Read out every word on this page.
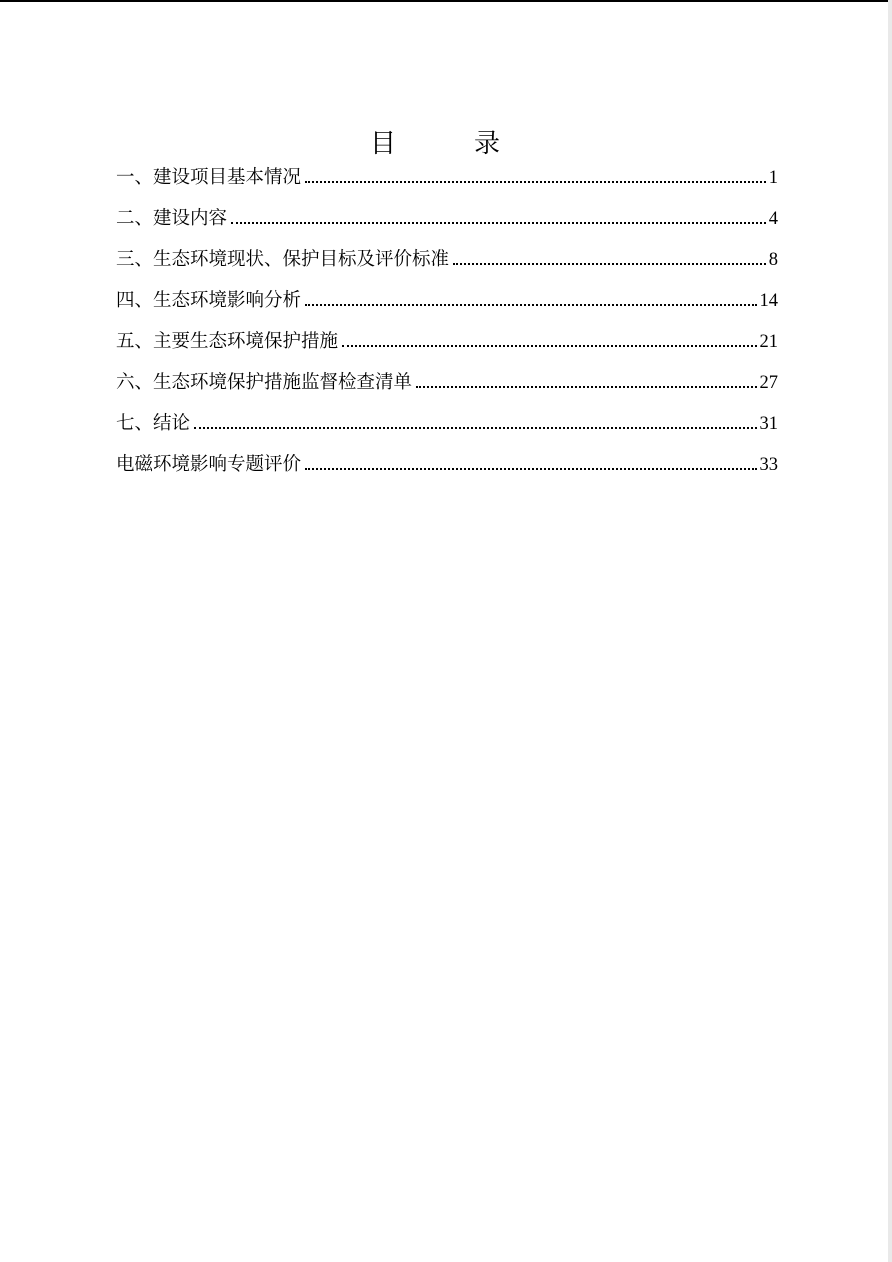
目　录
一、建设项目基本情况	1
二、建设内容	4
三、生态环境现状、保护目标及评价标准	8
四、生态环境影响分析	14
五、主要生态环境保护措施	21
六、生态环境保护措施监督检查清单	27
七、结论	31
电磁环境影响专题评价	33
